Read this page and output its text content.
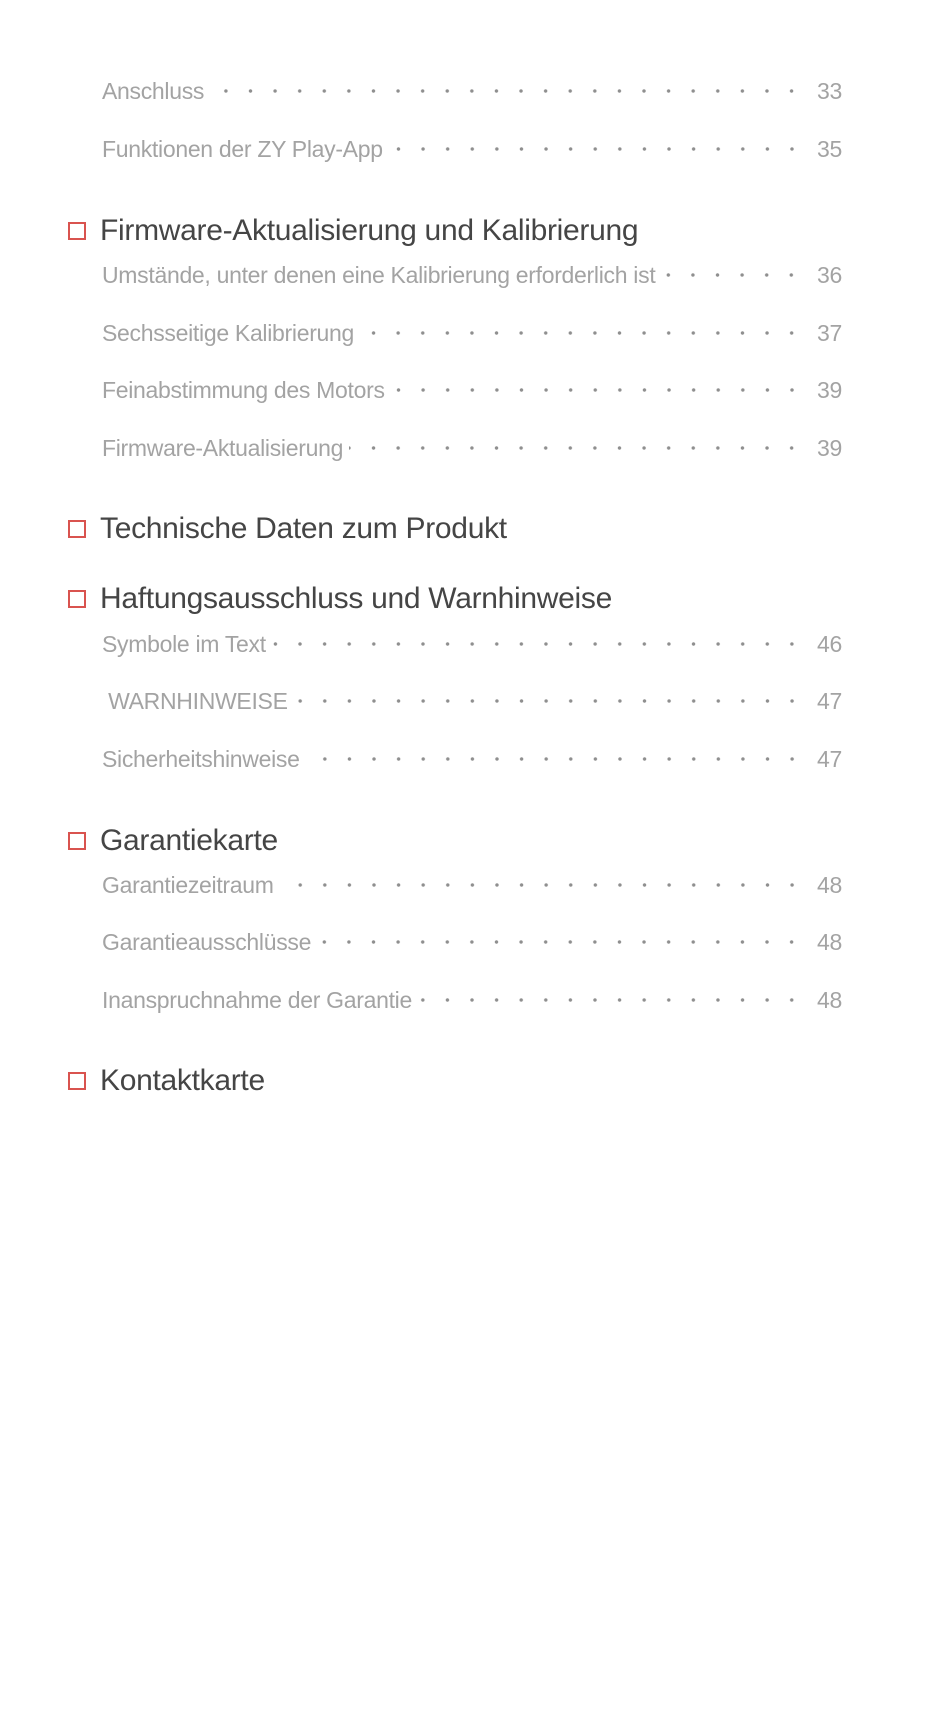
Anschluss	33
Funktionen der ZY Play-App	35
Firmware-Aktualisierung und Kalibrierung
Umstände, unter denen eine Kalibrierung erforderlich ist	36
Sechsseitige Kalibrierung	37
Feinabstimmung des Motors	39
Firmware-Aktualisierung	39
Technische Daten zum Produkt
Haftungsausschluss und Warnhinweise
Symbole im Text	46
WARNHINWEISE	47
Sicherheitshinweise	47
Garantiekarte
Garantiezeitraum	48
Garantieausschlüsse	48
Inanspruchnahme der Garantie	48
Kontaktkarte
